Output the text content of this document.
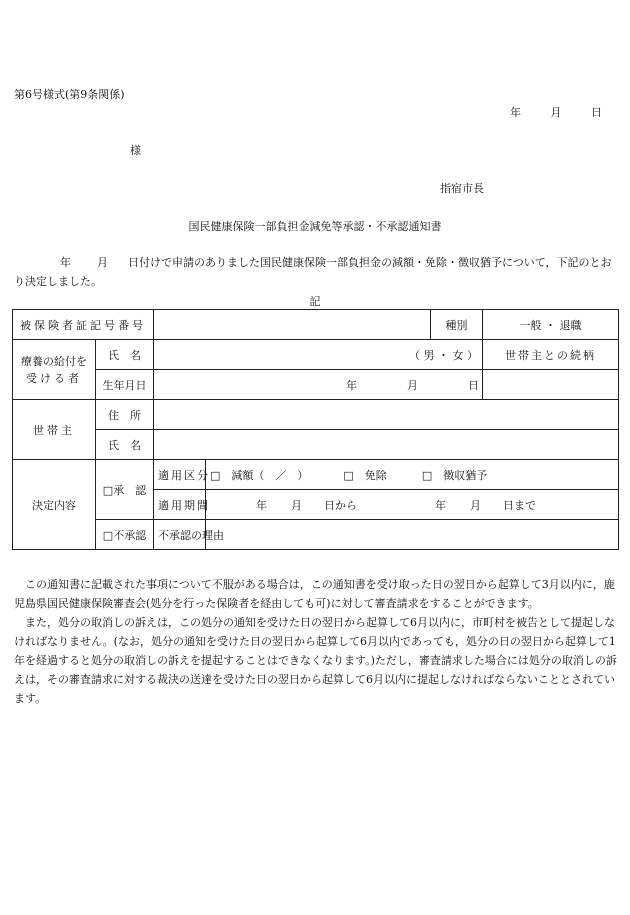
第6号様式(第9条関係)
年	月	日
様
指宿市長
国民健康保険一部負担金減免等承認・不承認通知書
年 月 日付けで申請のありました国民健康保険一部負担金の減額・免除・徴収猶予について，下記のとおり決定しました。
記
被保険者証記号番号				種別	一般 ・ 退職

療養の給付を
受ける者	氏　名	（ 男 ・ 女 ）			世帯主との続柄
	生年月日	年 月 日			
世帯主	住　所				
	氏　名				
決定内容	□承　認	適用区分	□　減額（　／　） □　免除 □　徴収猶予		
		適用期間	年 月 日から 年 月 日まで		
	□不承認	不承認の理由			

この通知書に記載された事項について不服がある場合は，この通知書を受け取った日の翌日から起算して3月以内に，鹿児島県国民健康保険審査会(処分を行った保険者を経由しても可)に対して審査請求をすることができます。

また，処分の取消しの訴えは，この処分の通知を受けた日の翌日から起算して6月以内に，市町村を被告として提起しなければなりません。(なお，処分の通知を受けた日の翌日から起算して6月以内であっても，処分の日の翌日から起算して1年を経過すると処分の取消しの訴えを提起することはできなくなります。)ただし，審査請求した場合には処分の取消しの訴えは，その審査請求に対する裁決の送達を受けた日の翌日から起算して6月以内に提起しなければならないこととされています。
